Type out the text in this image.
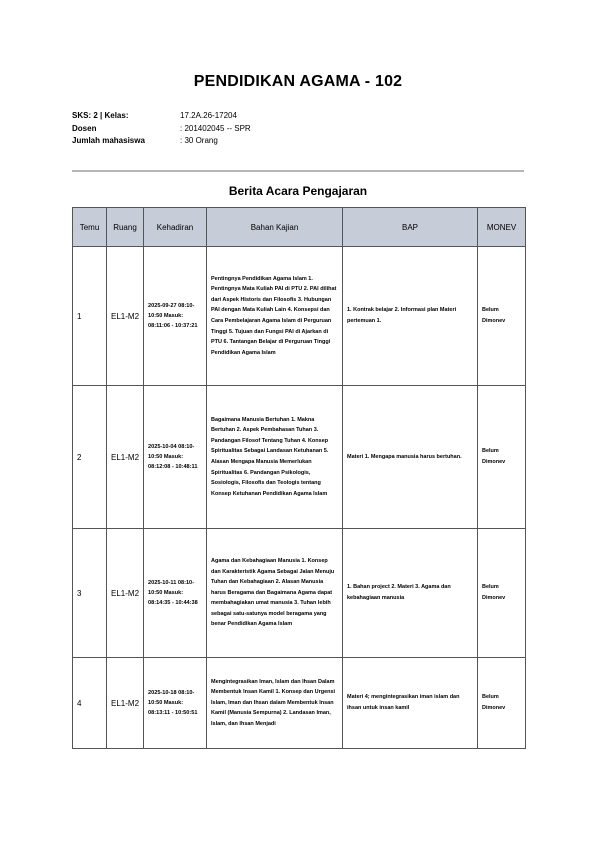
PENDIDIKAN AGAMA - 102
SKS: 2 | Kelas:	17.2A.26-17204
Dosen	: 201402045 -- SPR
Jumlah mahasiswa	: 30 Orang
Berita Acara Pengajaran
Temu	Ruang	Kehadiran	Bahan Kajian	BAP	MONEV
1	EL1-M2	2025-09-27 08:10-10:50 Masuk: 08:11:06 - 10:37:21	Pentingnya Pendidikan Agama Islam 1. Pentingnya Mata Kuliah PAI di PTU 2. PAI dilihat dari Aspek Historis dan Filosofis 3. Hubungan PAI dengan Mata Kuliah Lain 4. Konsepsi dan Cara Pembelajaran Agama Islam di Perguruan Tinggi 5. Tujuan dan Fungsi PAI di Ajarkan di PTU 6. Tantangan Belajar di Perguruan Tinggi Pendidikan Agama Islam	1. Kontrak belajar 2. Informasi plan Materi pertemuan 1.	Belum Dimonev
2	EL1-M2	2025-10-04 08:10-10:50 Masuk: 08:12:08 - 10:48:11	Bagaimana Manusia Bertuhan 1. Makna Bertuhan 2. Aspek Pembahasan Tuhan 3. Pandangan Filosof Tentang Tuhan 4. Konsep Spiritualitas Sebagai Landasan Ketuhanan 5. Alasan Mengapa Manusia Memerlukan Spiritualitas 6. Pandangan Psikologis, Sosiologis, Filosofis dan Teologis tentang Konsep Ketuhanan Pendidikan Agama Islam	Materi 1. Mengapa manusia harus bertuhan.	Belum Dimonev
3	EL1-M2	2025-10-11 08:10-10:50 Masuk: 08:14:35 - 10:44:38	Agama dan Kebahagiaan Manusia 1. Konsep dan Karakteristik Agama Sebagai Jalan Menuju Tuhan dan Kebahagiaan 2. Alasan Manusia harus Beragama dan Bagaimana Agama dapat membahagiakan umat manusia 3. Tuhan lebih sebagai satu-satunya model beragama yang benar Pendidikan Agama Islam	1. Bahan project 2. Materi 3. Agama dan kebahagiaan manusia	Belum Dimonev
4	EL1-M2	2025-10-18 08:10-10:50 Masuk: 08:13:11 - 10:50:51	Mengintegrasikan Iman, Islam dan Ihsan Dalam Membentuk Insan Kamil 1. Konsep dan Urgensi Islam, Iman dan Ihsan dalam Membentuk Insan Kamil (Manusia Sempurna) 2. Landasan Iman, Islam, dan Ihsan Menjadi	Materi 4; mengintegrasikan iman islam dan ihsan untuk insan kamil	Belum Dimonev
